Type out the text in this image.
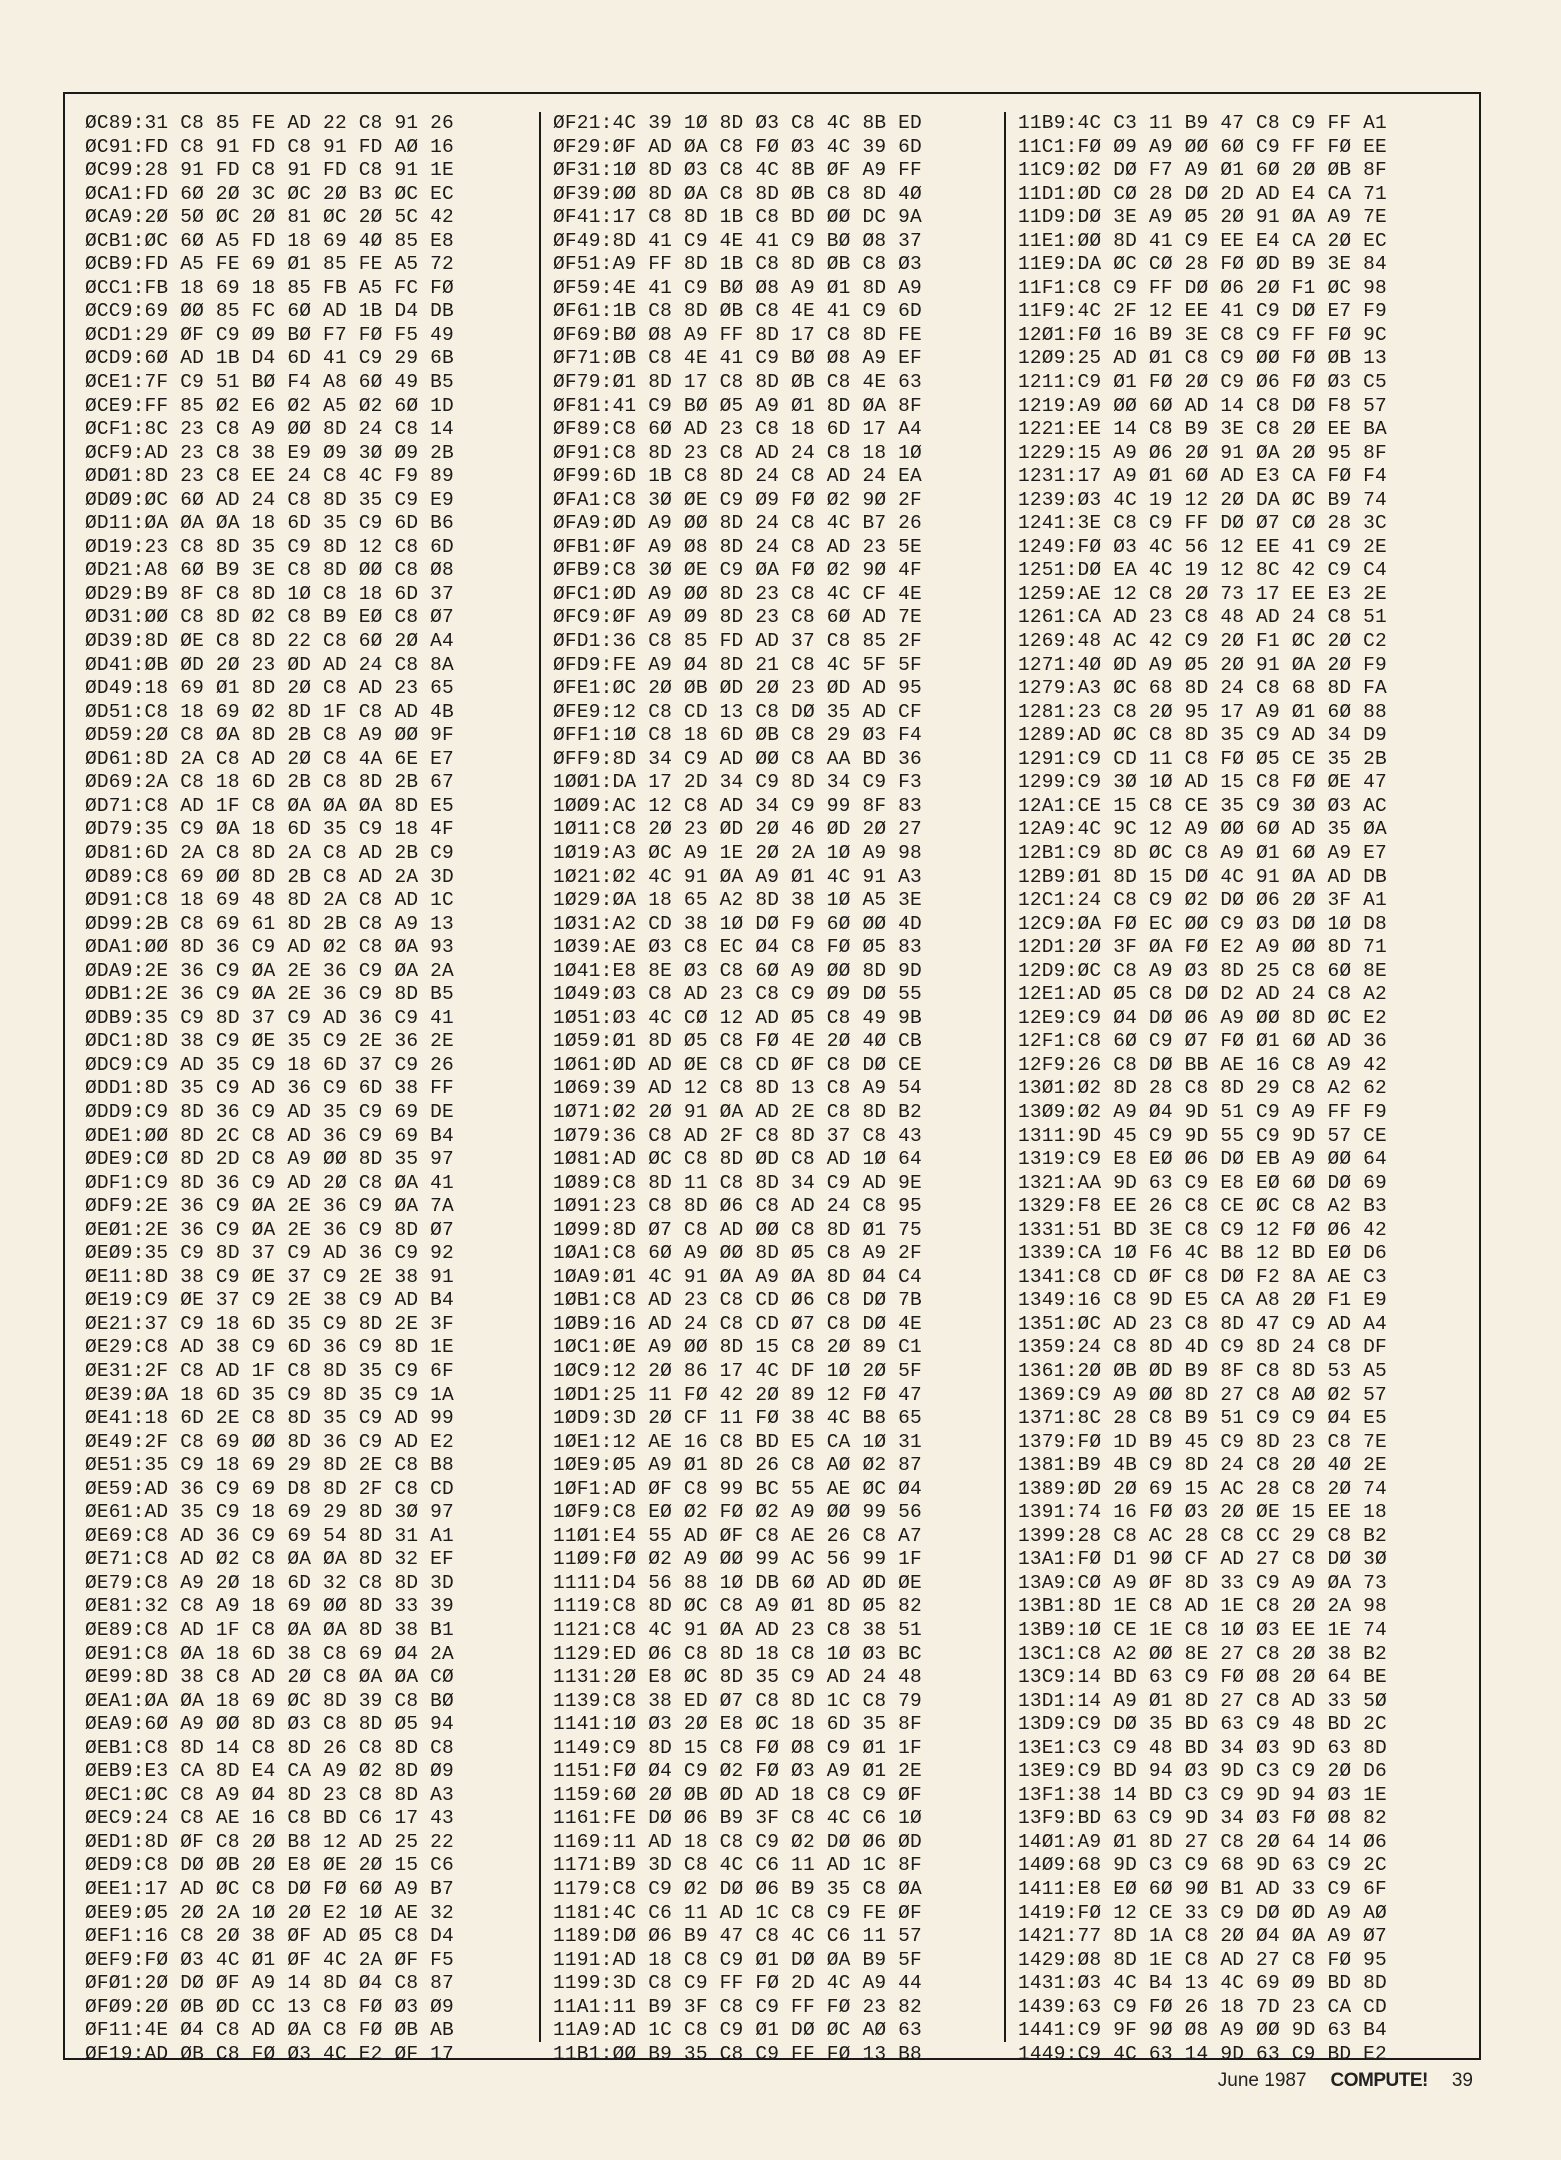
ØC89:31 C8 85 FE AD 22 C8 91 26
ØC91:FD C8 91 FD C8 91 FD AØ 16
ØC99:28 91 FD C8 91 FD C8 91 1E
ØCA1:FD 6Ø 2Ø 3C ØC 2Ø B3 ØC EC
ØCA9:2Ø 5Ø ØC 2Ø 81 ØC 2Ø 5C 42
ØCB1:ØC 6Ø A5 FD 18 69 4Ø 85 E8
ØCB9:FD A5 FE 69 Ø1 85 FE A5 72
ØCC1:FB 18 69 18 85 FB A5 FC FØ
ØCC9:69 ØØ 85 FC 6Ø AD 1B D4 DB
ØCD1:29 ØF C9 Ø9 BØ F7 FØ F5 49
ØCD9:6Ø AD 1B D4 6D 41 C9 29 6B
ØCE1:7F C9 51 BØ F4 A8 6Ø 49 B5
ØCE9:FF 85 Ø2 E6 Ø2 A5 Ø2 6Ø 1D
ØCF1:8C 23 C8 A9 ØØ 8D 24 C8 14
ØCF9:AD 23 C8 38 E9 Ø9 3Ø Ø9 2B
ØDØ1:8D 23 C8 EE 24 C8 4C F9 89
ØDØ9:ØC 6Ø AD 24 C8 8D 35 C9 E9
ØD11:ØA ØA ØA 18 6D 35 C9 6D B6
ØD19:23 C8 8D 35 C9 8D 12 C8 6D
ØD21:A8 6Ø B9 3E C8 8D ØØ C8 Ø8
ØD29:B9 8F C8 8D 1Ø C8 18 6D 37
ØD31:ØØ C8 8D Ø2 C8 B9 EØ C8 Ø7
ØD39:8D ØE C8 8D 22 C8 6Ø 2Ø A4
ØD41:ØB ØD 2Ø 23 ØD AD 24 C8 8A
ØD49:18 69 Ø1 8D 2Ø C8 AD 23 65
ØD51:C8 18 69 Ø2 8D 1F C8 AD 4B
ØD59:2Ø C8 ØA 8D 2B C8 A9 ØØ 9F
ØD61:8D 2A C8 AD 2Ø C8 4A 6E E7
ØD69:2A C8 18 6D 2B C8 8D 2B 67
ØD71:C8 AD 1F C8 ØA ØA ØA 8D E5
ØD79:35 C9 ØA 18 6D 35 C9 18 4F
ØD81:6D 2A C8 8D 2A C8 AD 2B C9
ØD89:C8 69 ØØ 8D 2B C8 AD 2A 3D
ØD91:C8 18 69 48 8D 2A C8 AD 1C
ØD99:2B C8 69 61 8D 2B C8 A9 13
ØDA1:ØØ 8D 36 C9 AD Ø2 C8 ØA 93
ØDA9:2E 36 C9 ØA 2E 36 C9 ØA 2A
ØDB1:2E 36 C9 ØA 2E 36 C9 8D B5
ØDB9:35 C9 8D 37 C9 AD 36 C9 41
ØDC1:8D 38 C9 ØE 35 C9 2E 36 2E
ØDC9:C9 AD 35 C9 18 6D 37 C9 26
ØDD1:8D 35 C9 AD 36 C9 6D 38 FF
ØDD9:C9 8D 36 C9 AD 35 C9 69 DE
ØDE1:ØØ 8D 2C C8 AD 36 C9 69 B4
ØDE9:CØ 8D 2D C8 A9 ØØ 8D 35 97
ØDF1:C9 8D 36 C9 AD 2Ø C8 ØA 41
ØDF9:2E 36 C9 ØA 2E 36 C9 ØA 7A
ØEØ1:2E 36 C9 ØA 2E 36 C9 8D Ø7
ØEØ9:35 C9 8D 37 C9 AD 36 C9 92
ØE11:8D 38 C9 ØE 37 C9 2E 38 91
ØE19:C9 ØE 37 C9 2E 38 C9 AD B4
ØE21:37 C9 18 6D 35 C9 8D 2E 3F
ØE29:C8 AD 38 C9 6D 36 C9 8D 1E
ØE31:2F C8 AD 1F C8 8D 35 C9 6F
ØE39:ØA 18 6D 35 C9 8D 35 C9 1A
ØE41:18 6D 2E C8 8D 35 C9 AD 99
ØE49:2F C8 69 ØØ 8D 36 C9 AD E2
ØE51:35 C9 18 69 29 8D 2E C8 B8
ØE59:AD 36 C9 69 D8 8D 2F C8 CD
ØE61:AD 35 C9 18 69 29 8D 3Ø 97
ØE69:C8 AD 36 C9 69 54 8D 31 A1
ØE71:C8 AD Ø2 C8 ØA ØA 8D 32 EF
ØE79:C8 A9 2Ø 18 6D 32 C8 8D 3D
ØE81:32 C8 A9 18 69 ØØ 8D 33 39
ØE89:C8 AD 1F C8 ØA ØA 8D 38 B1
ØE91:C8 ØA 18 6D 38 C8 69 Ø4 2A
ØE99:8D 38 C8 AD 2Ø C8 ØA ØA CØ
ØEA1:ØA ØA 18 69 ØC 8D 39 C8 BØ
ØEA9:6Ø A9 ØØ 8D Ø3 C8 8D Ø5 94
ØEB1:C8 8D 14 C8 8D 26 C8 8D C8
ØEB9:E3 CA 8D E4 CA A9 Ø2 8D Ø9
ØEC1:ØC C8 A9 Ø4 8D 23 C8 8D A3
ØEC9:24 C8 AE 16 C8 BD C6 17 43
ØED1:8D ØF C8 2Ø B8 12 AD 25 22
ØED9:C8 DØ ØB 2Ø E8 ØE 2Ø 15 C6
ØEE1:17 AD ØC C8 DØ FØ 6Ø A9 B7
ØEE9:Ø5 2Ø 2A 1Ø 2Ø E2 1Ø AE 32
ØEF1:16 C8 2Ø 38 ØF AD Ø5 C8 D4
ØEF9:FØ Ø3 4C Ø1 ØF 4C 2A ØF F5
ØFØ1:2Ø DØ ØF A9 14 8D Ø4 C8 87
ØFØ9:2Ø ØB ØD CC 13 C8 FØ Ø3 Ø9
ØF11:4E Ø4 C8 AD ØA C8 FØ ØB AB
ØF19:AD ØB C8 FØ Ø3 4C E2 ØF 17
ØF21:4C 39 1Ø 8D Ø3 C8 4C 8B ED
ØF29:ØF AD ØA C8 FØ Ø3 4C 39 6D
ØF31:1Ø 8D Ø3 C8 4C 8B ØF A9 FF
ØF39:ØØ 8D ØA C8 8D ØB C8 8D 4Ø
ØF41:17 C8 8D 1B C8 BD ØØ DC 9A
ØF49:8D 41 C9 4E 41 C9 BØ Ø8 37
ØF51:A9 FF 8D 1B C8 8D ØB C8 Ø3
ØF59:4E 41 C9 BØ Ø8 A9 Ø1 8D A9
ØF61:1B C8 8D ØB C8 4E 41 C9 6D
ØF69:BØ Ø8 A9 FF 8D 17 C8 8D FE
ØF71:ØB C8 4E 41 C9 BØ Ø8 A9 EF
ØF79:Ø1 8D 17 C8 8D ØB C8 4E 63
ØF81:41 C9 BØ Ø5 A9 Ø1 8D ØA 8F
ØF89:C8 6Ø AD 23 C8 18 6D 17 A4
ØF91:C8 8D 23 C8 AD 24 C8 18 1Ø
ØF99:6D 1B C8 8D 24 C8 AD 24 EA
ØFA1:C8 3Ø ØE C9 Ø9 FØ Ø2 9Ø 2F
ØFA9:ØD A9 ØØ 8D 24 C8 4C B7 26
ØFB1:ØF A9 Ø8 8D 24 C8 AD 23 5E
ØFB9:C8 3Ø ØE C9 ØA FØ Ø2 9Ø 4F
ØFC1:ØD A9 ØØ 8D 23 C8 4C CF 4E
ØFC9:ØF A9 Ø9 8D 23 C8 6Ø AD 7E
ØFD1:36 C8 85 FD AD 37 C8 85 2F
ØFD9:FE A9 Ø4 8D 21 C8 4C 5F 5F
ØFE1:ØC 2Ø ØB ØD 2Ø 23 ØD AD 95
ØFE9:12 C8 CD 13 C8 DØ 35 AD CF
ØFF1:1Ø C8 18 6D ØB C8 29 Ø3 F4
ØFF9:8D 34 C9 AD ØØ C8 AA BD 36
1ØØ1:DA 17 2D 34 C9 8D 34 C9 F3
1ØØ9:AC 12 C8 AD 34 C9 99 8F 83
1Ø11:C8 2Ø 23 ØD 2Ø 46 ØD 2Ø 27
1Ø19:A3 ØC A9 1E 2Ø 2A 1Ø A9 98
1Ø21:Ø2 4C 91 ØA A9 Ø1 4C 91 A3
1Ø29:ØA 18 65 A2 8D 38 1Ø A5 3E
1Ø31:A2 CD 38 1Ø DØ F9 6Ø ØØ 4D
1Ø39:AE Ø3 C8 EC Ø4 C8 FØ Ø5 83
1Ø41:E8 8E Ø3 C8 6Ø A9 ØØ 8D 9D
1Ø49:Ø3 C8 AD 23 C8 C9 Ø9 DØ 55
1Ø51:Ø3 4C CØ 12 AD Ø5 C8 49 9B
1Ø59:Ø1 8D Ø5 C8 FØ 4E 2Ø 4Ø CB
1Ø61:ØD AD ØE C8 CD ØF C8 DØ CE
1Ø69:39 AD 12 C8 8D 13 C8 A9 54
1Ø71:Ø2 2Ø 91 ØA AD 2E C8 8D B2
1Ø79:36 C8 AD 2F C8 8D 37 C8 43
1Ø81:AD ØC C8 8D ØD C8 AD 1Ø 64
1Ø89:C8 8D 11 C8 8D 34 C9 AD 9E
1Ø91:23 C8 8D Ø6 C8 AD 24 C8 95
1Ø99:8D Ø7 C8 AD ØØ C8 8D Ø1 75
1ØA1:C8 6Ø A9 ØØ 8D Ø5 C8 A9 2F
1ØA9:Ø1 4C 91 ØA A9 ØA 8D Ø4 C4
1ØB1:C8 AD 23 C8 CD Ø6 C8 DØ 7B
1ØB9:16 AD 24 C8 CD Ø7 C8 DØ 4E
1ØC1:ØE A9 ØØ 8D 15 C8 2Ø 89 C1
1ØC9:12 2Ø 86 17 4C DF 1Ø 2Ø 5F
1ØD1:25 11 FØ 42 2Ø 89 12 FØ 47
1ØD9:3D 2Ø CF 11 FØ 38 4C B8 65
1ØE1:12 AE 16 C8 BD E5 CA 1Ø 31
1ØE9:Ø5 A9 Ø1 8D 26 C8 AØ Ø2 87
1ØF1:AD ØF C8 99 BC 55 AE ØC Ø4
1ØF9:C8 EØ Ø2 FØ Ø2 A9 ØØ 99 56
11Ø1:E4 55 AD ØF C8 AE 26 C8 A7
11Ø9:FØ Ø2 A9 ØØ 99 AC 56 99 1F
1111:D4 56 88 1Ø DB 6Ø AD ØD ØE
1119:C8 8D ØC C8 A9 Ø1 8D Ø5 82
1121:C8 4C 91 ØA AD 23 C8 38 51
1129:ED Ø6 C8 8D 18 C8 1Ø Ø3 BC
1131:2Ø E8 ØC 8D 35 C9 AD 24 48
1139:C8 38 ED Ø7 C8 8D 1C C8 79
1141:1Ø Ø3 2Ø E8 ØC 18 6D 35 8F
1149:C9 8D 15 C8 FØ Ø8 C9 Ø1 1F
1151:FØ Ø4 C9 Ø2 FØ Ø3 A9 Ø1 2E
1159:6Ø 2Ø ØB ØD AD 18 C8 C9 ØF
1161:FE DØ Ø6 B9 3F C8 4C C6 1Ø
1169:11 AD 18 C8 C9 Ø2 DØ Ø6 ØD
1171:B9 3D C8 4C C6 11 AD 1C 8F
1179:C8 C9 Ø2 DØ Ø6 B9 35 C8 ØA
1181:4C C6 11 AD 1C C8 C9 FE ØF
1189:DØ Ø6 B9 47 C8 4C C6 11 57
1191:AD 18 C8 C9 Ø1 DØ ØA B9 5F
1199:3D C8 C9 FF FØ 2D 4C A9 44
11A1:11 B9 3F C8 C9 FF FØ 23 82
11A9:AD 1C C8 C9 Ø1 DØ ØC AØ 63
11B1:ØØ B9 35 C8 C9 FF FØ 13 B8
11B9:4C C3 11 B9 47 C8 C9 FF A1
11C1:FØ Ø9 A9 ØØ 6Ø C9 FF FØ EE
11C9:Ø2 DØ F7 A9 Ø1 6Ø 2Ø ØB 8F
11D1:ØD CØ 28 DØ 2D AD E4 CA 71
11D9:DØ 3E A9 Ø5 2Ø 91 ØA A9 7E
11E1:ØØ 8D 41 C9 EE E4 CA 2Ø EC
11E9:DA ØC CØ 28 FØ ØD B9 3E 84
11F1:C8 C9 FF DØ Ø6 2Ø F1 ØC 98
11F9:4C 2F 12 EE 41 C9 DØ E7 F9
12Ø1:FØ 16 B9 3E C8 C9 FF FØ 9C
12Ø9:25 AD Ø1 C8 C9 ØØ FØ ØB 13
1211:C9 Ø1 FØ 2Ø C9 Ø6 FØ Ø3 C5
1219:A9 ØØ 6Ø AD 14 C8 DØ F8 57
1221:EE 14 C8 B9 3E C8 2Ø EE BA
1229:15 A9 Ø6 2Ø 91 ØA 2Ø 95 8F
1231:17 A9 Ø1 6Ø AD E3 CA FØ F4
1239:Ø3 4C 19 12 2Ø DA ØC B9 74
1241:3E C8 C9 FF DØ Ø7 CØ 28 3C
1249:FØ Ø3 4C 56 12 EE 41 C9 2E
1251:DØ EA 4C 19 12 8C 42 C9 C4
1259:AE 12 C8 2Ø 73 17 EE E3 2E
1261:CA AD 23 C8 48 AD 24 C8 51
1269:48 AC 42 C9 2Ø F1 ØC 2Ø C2
1271:4Ø ØD A9 Ø5 2Ø 91 ØA 2Ø F9
1279:A3 ØC 68 8D 24 C8 68 8D FA
1281:23 C8 2Ø 95 17 A9 Ø1 6Ø 88
1289:AD ØC C8 8D 35 C9 AD 34 D9
1291:C9 CD 11 C8 FØ Ø5 CE 35 2B
1299:C9 3Ø 1Ø AD 15 C8 FØ ØE 47
12A1:CE 15 C8 CE 35 C9 3Ø Ø3 AC
12A9:4C 9C 12 A9 ØØ 6Ø AD 35 ØA
12B1:C9 8D ØC C8 A9 Ø1 6Ø A9 E7
12B9:Ø1 8D 15 DØ 4C 91 ØA AD DB
12C1:24 C8 C9 Ø2 DØ Ø6 2Ø 3F A1
12C9:ØA FØ EC ØØ C9 Ø3 DØ 1Ø D8
12D1:2Ø 3F ØA FØ E2 A9 ØØ 8D 71
12D9:ØC C8 A9 Ø3 8D 25 C8 6Ø 8E
12E1:AD Ø5 C8 DØ D2 AD 24 C8 A2
12E9:C9 Ø4 DØ Ø6 A9 ØØ 8D ØC E2
12F1:C8 6Ø C9 Ø7 FØ Ø1 6Ø AD 36
12F9:26 C8 DØ BB AE 16 C8 A9 42
13Ø1:Ø2 8D 28 C8 8D 29 C8 A2 62
13Ø9:Ø2 A9 Ø4 9D 51 C9 A9 FF F9
1311:9D 45 C9 9D 55 C9 9D 57 CE
1319:C9 E8 EØ Ø6 DØ EB A9 ØØ 64
1321:AA 9D 63 C9 E8 EØ 6Ø DØ 69
1329:F8 EE 26 C8 CE ØC C8 A2 B3
1331:51 BD 3E C8 C9 12 FØ Ø6 42
1339:CA 1Ø F6 4C B8 12 BD EØ D6
1341:C8 CD ØF C8 DØ F2 8A AE C3
1349:16 C8 9D E5 CA A8 2Ø F1 E9
1351:ØC AD 23 C8 8D 47 C9 AD A4
1359:24 C8 8D 4D C9 8D 24 C8 DF
1361:2Ø ØB ØD B9 8F C8 8D 53 A5
1369:C9 A9 ØØ 8D 27 C8 AØ Ø2 57
1371:8C 28 C8 B9 51 C9 C9 Ø4 E5
1379:FØ 1D B9 45 C9 8D 23 C8 7E
1381:B9 4B C9 8D 24 C8 2Ø 4Ø 2E
1389:ØD 2Ø 69 15 AC 28 C8 2Ø 74
1391:74 16 FØ Ø3 2Ø ØE 15 EE 18
1399:28 C8 AC 28 C8 CC 29 C8 B2
13A1:FØ D1 9Ø CF AD 27 C8 DØ 3Ø
13A9:CØ A9 ØF 8D 33 C9 A9 ØA 73
13B1:8D 1E C8 AD 1E C8 2Ø 2A 98
13B9:1Ø CE 1E C8 1Ø Ø3 EE 1E 74
13C1:C8 A2 ØØ 8E 27 C8 2Ø 38 B2
13C9:14 BD 63 C9 FØ Ø8 2Ø 64 BE
13D1:14 A9 Ø1 8D 27 C8 AD 33 5Ø
13D9:C9 DØ 35 BD 63 C9 48 BD 2C
13E1:C3 C9 48 BD 34 Ø3 9D 63 8D
13E9:C9 BD 94 Ø3 9D C3 C9 2Ø D6
13F1:38 14 BD C3 C9 9D 94 Ø3 1E
13F9:BD 63 C9 9D 34 Ø3 FØ Ø8 82
14Ø1:A9 Ø1 8D 27 C8 2Ø 64 14 Ø6
14Ø9:68 9D C3 C9 68 9D 63 C9 2C
1411:E8 EØ 6Ø 9Ø B1 AD 33 C9 6F
1419:FØ 12 CE 33 C9 DØ ØD A9 AØ
1421:77 8D 1A C8 2Ø Ø4 ØA A9 Ø7
1429:Ø8 8D 1E C8 AD 27 C8 FØ 95
1431:Ø3 4C B4 13 4C 69 Ø9 BD 8D
1439:63 C9 FØ 26 18 7D 23 CA CD
1441:C9 9F 9Ø Ø8 A9 ØØ 9D 63 B4
1449:C9 4C 63 14 9D 63 C9 BD E2
June 1987 COMPUTE! 39
